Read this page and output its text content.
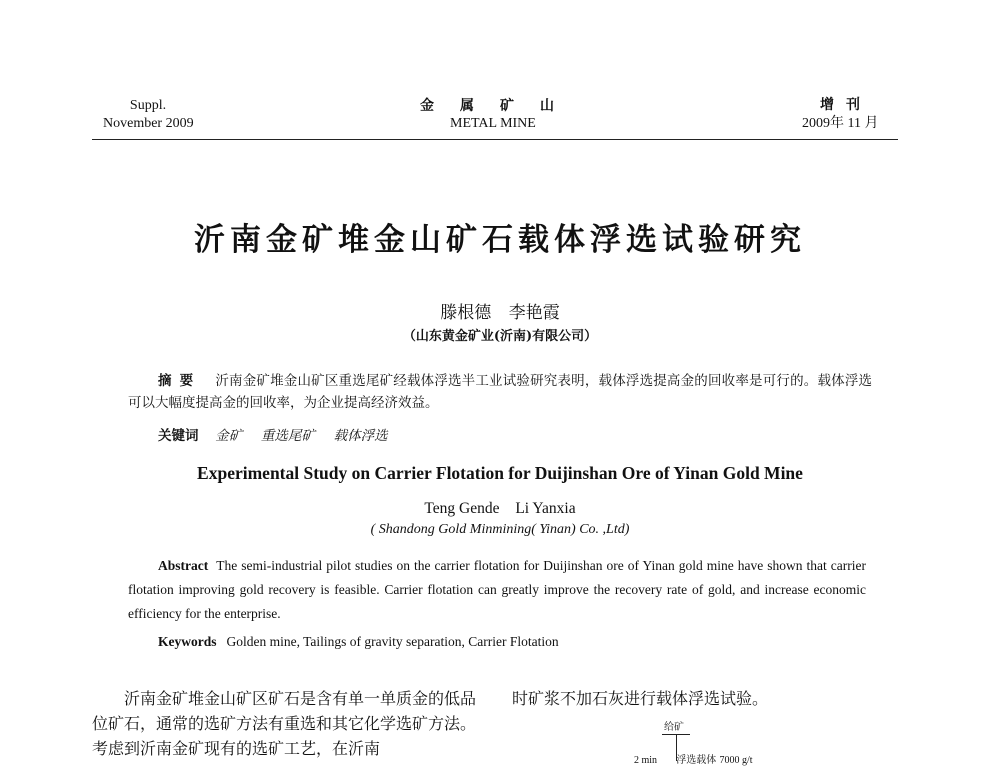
Suppl.
November 2009
金属矿山
METAL MINE
增刊
2009年 11 月
沂南金矿堆金山矿石载体浮选试验研究
滕根德 李艳霞
（山东黄金矿业(沂南)有限公司）
摘要 沂南金矿堆金山矿区重选尾矿经载体浮选半工业试验研究表明，载体浮选提高金的回收率是可行的。载体浮选可以大幅度提高金的回收率，为企业提高经济效益。
关键词 金矿 重选尾矿 载体浮选
Experimental Study on Carrier Flotation for Duijinshan Ore of Yinan Gold Mine
Teng Gende Li Yanxia
( Shandong Gold Minmining( Yinan) Co. ,Ltd)
Abstract The semi-industrial pilot studies on the carrier flotation for Duijinshan ore of Yinan gold mine have shown that carrier flotation improving gold recovery is feasible. Carrier flotation can greatly improve the recovery rate of gold, and increase economic efficiency for the enterprise.
Keywords Golden mine, Tailings of gravity separation, Carrier Flotation
沂南金矿堆金山矿区矿石是含有单一单质金的低品位矿石，通常的选矿方法有重选和其它化学选矿方法。考虑到沂南金矿现有的选矿工艺，在沂南
时矿浆不加石灰进行载体浮选试验。
给矿
2 min 浮选载体 7000 g/t
